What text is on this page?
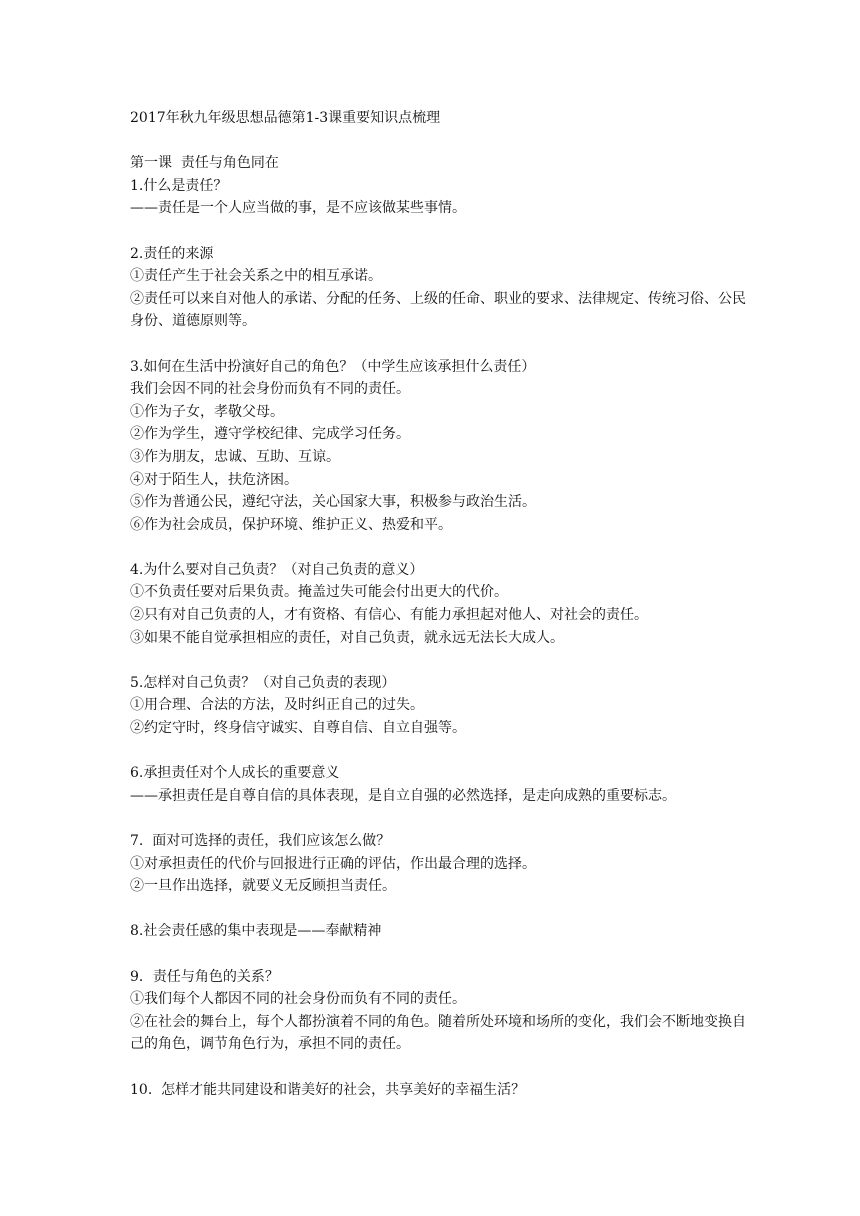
2017年秋九年级思想品德第1-3课重要知识点梳理
第一课  责任与角色同在
1.什么是责任？
——责任是一个人应当做的事，是不应该做某些事情。
2.责任的来源
①责任产生于社会关系之中的相互承诺。
②责任可以来自对他人的承诺、分配的任务、上级的任命、职业的要求、法律规定、传统习俗、公民身份、道德原则等。
3.如何在生活中扮演好自己的角色？（中学生应该承担什么责任）
我们会因不同的社会身份而负有不同的责任。
①作为子女，孝敬父母。
②作为学生，遵守学校纪律、完成学习任务。
③作为朋友，忠诚、互助、互谅。
④对于陌生人，扶危济困。
⑤作为普通公民，遵纪守法，关心国家大事，积极参与政治生活。
⑥作为社会成员，保护环境、维护正义、热爱和平。
4.为什么要对自己负责？（对自己负责的意义）
①不负责任要对后果负责。掩盖过失可能会付出更大的代价。
②只有对自己负责的人，才有资格、有信心、有能力承担起对他人、对社会的责任。
③如果不能自觉承担相应的责任，对自己负责，就永远无法长大成人。
5.怎样对自己负责？（对自己负责的表现）
①用合理、合法的方法，及时纠正自己的过失。
②约定守时，终身信守诚实、自尊自信、自立自强等。
6.承担责任对个人成长的重要意义
——承担责任是自尊自信的具体表现，是自立自强的必然选择，是走向成熟的重要标志。
7.  面对可选择的责任，我们应该怎么做？
①对承担责任的代价与回报进行正确的评估，作出最合理的选择。
②一旦作出选择，就要义无反顾担当责任。
8.社会责任感的集中表现是——奉献精神
9．责任与角色的关系？
①我们每个人都因不同的社会身份而负有不同的责任。
②在社会的舞台上，每个人都扮演着不同的角色。随着所处环境和场所的变化，我们会不断地变换自己的角色，调节角色行为，承担不同的责任。
10.  怎样才能共同建设和谐美好的社会，共享美好的幸福生活？
